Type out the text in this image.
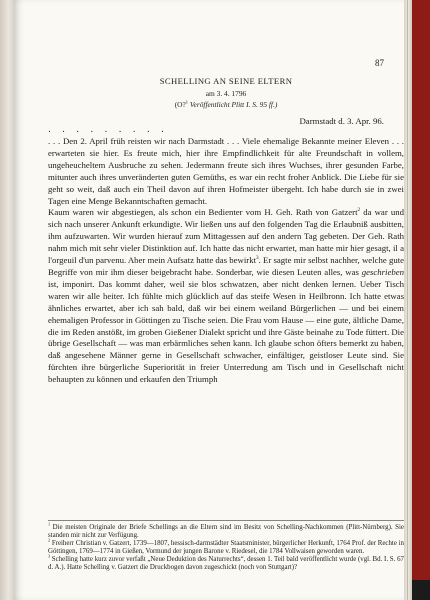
87
SCHELLING AN SEINE ELTERN
am 3. 4. 1796
(O?$^1$ Veröffentlicht Plitt I. S. 95 ff.)
Darmstadt d. 3. Apr. 96.
. . . . . . . . .

. . . Den 2. April früh reisten wir nach Darmstadt . . . Viele ehemalige Bekannte meiner Eleven . . . erwarteten sie hier. Es freute mich, hier ihre Empfindlichkeit für alte Freundschaft in vollem, ungeheucheltem Ausbruche zu sehen. Jedermann freute sich ihres Wuchses, ihrer gesunden Farbe, mitunter auch ihres unveränderten guten Gemüths, es war ein recht froher Anblick. Die Liebe für sie geht so weit, daß auch ein Theil davon auf ihren Hofmeister übergeht. Ich habe durch sie in zwei Tagen eine Menge Bekanntschaften gemacht.

Kaum waren wir abgestiegen, als schon ein Bedienter vom H. Geh. Rath von Gatzert$^2$ da war und sich nach unserer Ankunft erkundigte. Wir ließen uns auf den folgenden Tag die Erlaubniß ausbitten, ihm aufzuwarten. Wir wurden hierauf zum Mittagessen auf den andern Tag gebeten. Der Geh. Rath nahm mich mit sehr vieler Distinktion auf. Ich hatte das nicht erwartet, man hatte mir hier gesagt, il a l'orgeuil d'un parvenu. Aber mein Aufsatz hatte das bewirkt$^3$. Er sagte mir selbst nachher, welche gute Begriffe von mir ihm dieser beigebracht habe. Sonderbar, wie diesen Leuten alles, was geschrieben ist, imponirt. Das kommt daher, weil sie blos schwatzen, aber nicht denken lernen. Ueber Tisch waren wir alle heiter. Ich fühlte mich glücklich auf das steife Wesen in Heilbronn. Ich hatte etwas ähnliches erwartet, aber ich sah bald, daß wir bei einem weiland Bürgerlichen — und bei einem ehemaligen Professor in Göttingen zu Tische seien. Die Frau vom Hause — eine gute, ältliche Dame, die im Reden anstößt, im groben Gießener Dialekt spricht und ihre Gäste beinahe zu Tode füttert. Die übrige Gesellschaft — was man erbärmliches sehen kann. Ich glaube schon öfters bemerkt zu haben, daß angesehene Männer gerne in Gesellschaft schwacher, einfältiger, geistloser Leute sind. Sie fürchten ihre bürgerliche Superiorität in freier Unterredung am Tisch und in Gesellschaft nicht behaupten zu können und erkaufen den Triumph

$^1$ Die meisten Originale der Briefe Schellings an die Eltern sind im Besitz von Schelling-Nachkommen (Plitt-Nürnberg). Sie standen mir nicht zur Verfügung.

$^2$ Freiherr Christian v. Gatzert, 1739—1807, hessisch-darmstädter Staatsminister, bürgerlicher Herkunft, 1764 Prof. der Rechte in Göttingen, 1769—1774 in Gießen, Vormund der jungen Barone v. Riedesel, die 1784 Vollwaisen geworden waren.

$^3$ Schelling hatte kurz zuvor verfaßt „Neue Deduktion des Naturrechts“, dessen 1. Teil bald veröffentlicht wurde (vgl. Bd. I. S. 67 d. A.). Hatte Schelling v. Gatzert die Druckbogen davon zugeschickt (noch von Stuttgart)?
